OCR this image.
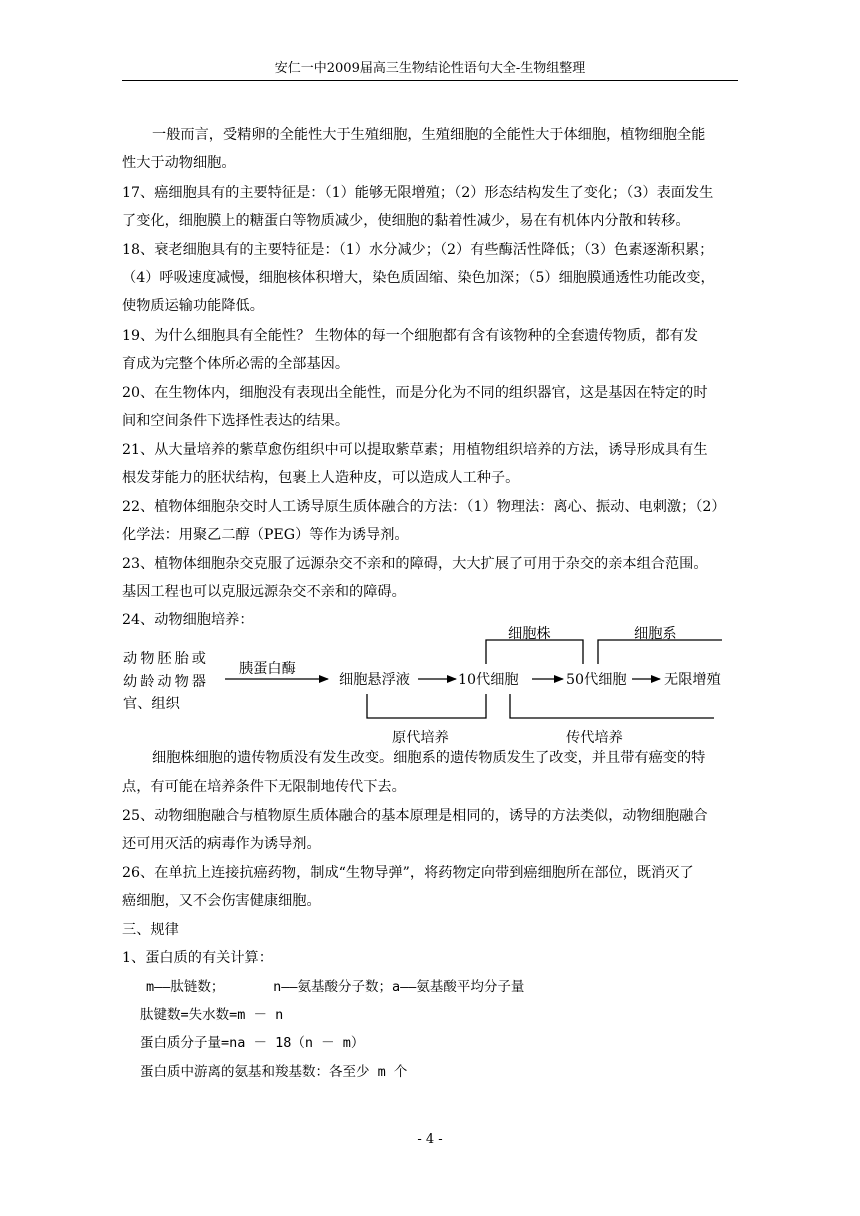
安仁一中2009届高三生物结论性语句大全-生物组整理
一般而言，受精卵的全能性大于生殖细胞，生殖细胞的全能性大于体细胞，植物细胞全能
性大于动物细胞。
17、癌细胞具有的主要特征是：（1）能够无限增殖；（2）形态结构发生了变化；（3）表面发生
了变化，细胞膜上的糖蛋白等物质减少，使细胞的黏着性减少，易在有机体内分散和转移。
18、衰老细胞具有的主要特征是：（1）水分减少；（2）有些酶活性降低；（3）色素逐渐积累；
（4）呼吸速度减慢，细胞核体积增大，染色质固缩、染色加深；（5）细胞膜通透性功能改变，
使物质运输功能降低。
19、为什么细胞具有全能性？ 生物体的每一个细胞都有含有该物种的全套遗传物质，都有发
育成为完整个体所必需的全部基因。
20、在生物体内，细胞没有表现出全能性，而是分化为不同的组织器官，这是基因在特定的时
间和空间条件下选择性表达的结果。
21、从大量培养的紫草愈伤组织中可以提取紫草素；用植物组织培养的方法，诱导形成具有生
根发芽能力的胚状结构，包裹上人造种皮，可以造成人工种子。
22、植物体细胞杂交时人工诱导原生质体融合的方法：（1）物理法：离心、振动、电刺激；（2）
化学法：用聚乙二醇（PEG）等作为诱导剂。
23、植物体细胞杂交克服了远源杂交不亲和的障碍，大大扩展了可用于杂交的亲本组合范围。
基因工程也可以克服远源杂交不亲和的障碍。
24、动物细胞培养：
动物胚胎或
幼龄动物器
官、组织
胰蛋白酶
细胞悬浮液	10代细胞	50代细胞	无限增殖
细胞株	细胞系
原代培养	传代培养
细胞株细胞的遗传物质没有发生改变。细胞系的遗传物质发生了改变，并且带有癌变的特
点，有可能在培养条件下无限制地传代下去。
25、动物细胞融合与植物原生质体融合的基本原理是相同的，诱导的方法类似，动物细胞融合
还可用灭活的病毒作为诱导剂。
26、在单抗上连接抗癌药物，制成“生物导弹”，将药物定向带到癌细胞所在部位，既消灭了
癌细胞，又不会伤害健康细胞。
三、规律
1、蛋白质的有关计算：
m——肽链数；      n——氨基酸分子数；a——氨基酸平均分子量
肽键数=失水数=m － n
蛋白质分子量=na － 18（n － m）
蛋白质中游离的氨基和羧基数：各至少 m 个
- 4 -
